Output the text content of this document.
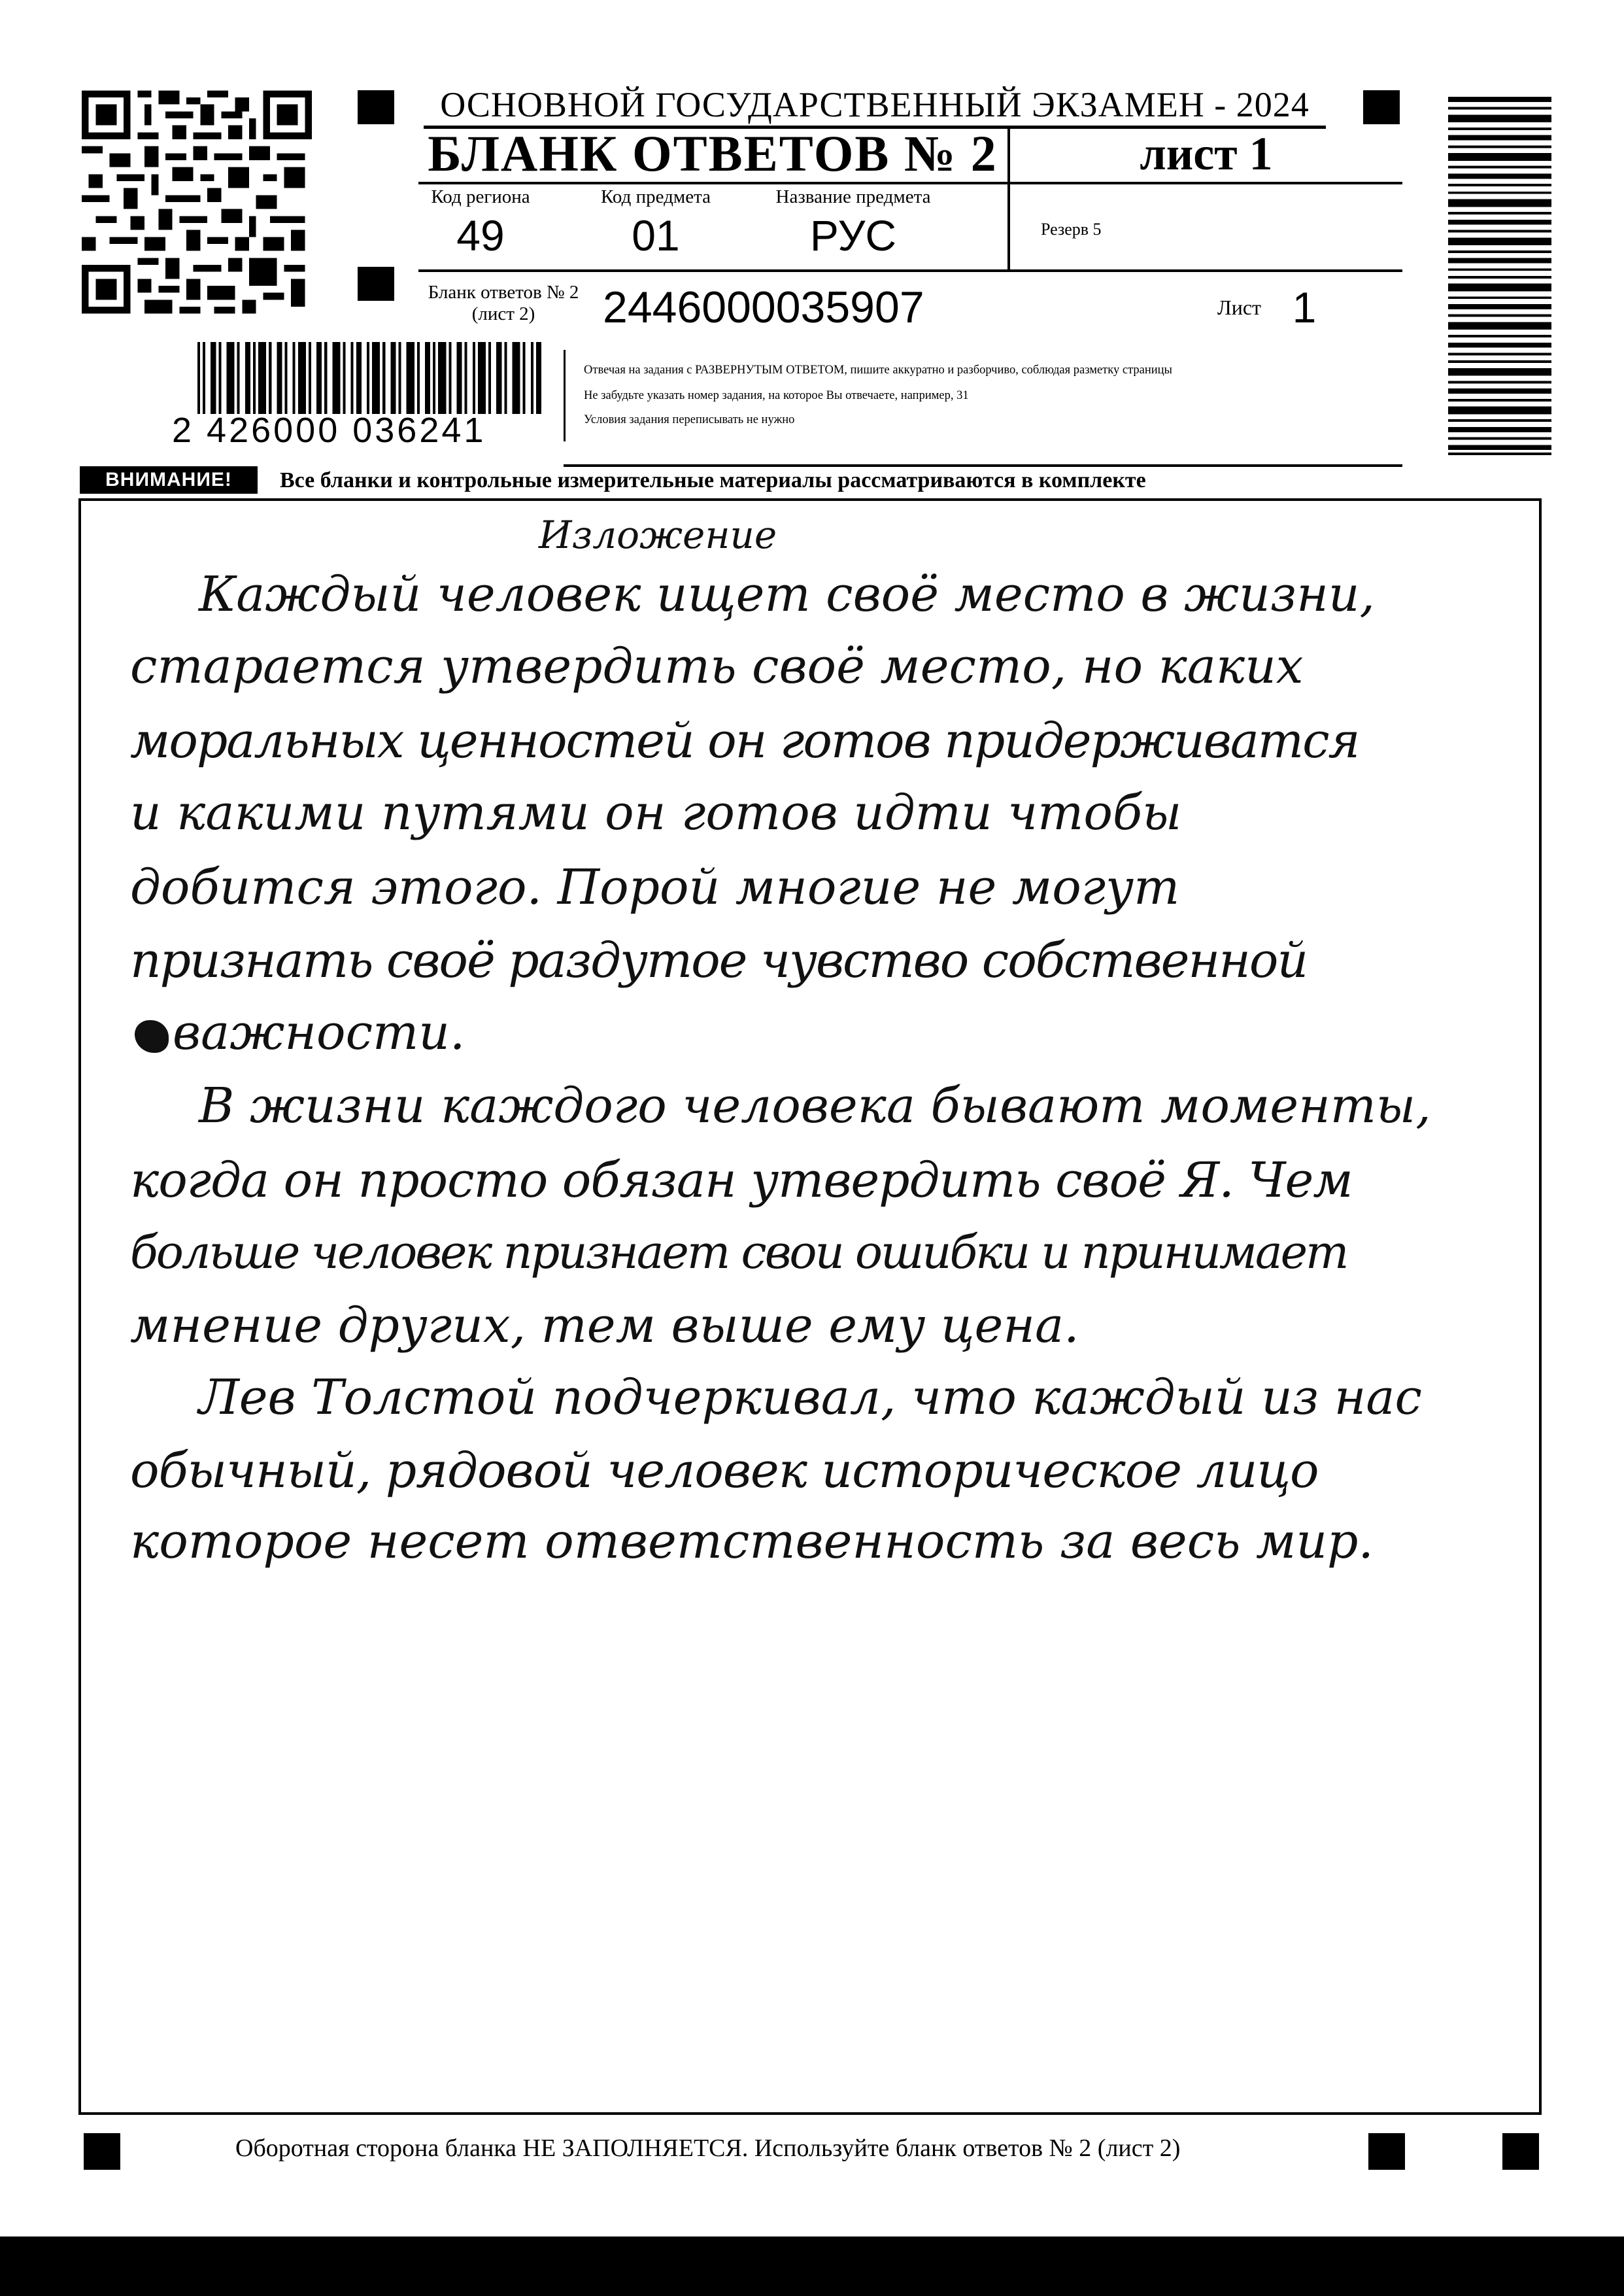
ОСНОВНОЙ ГОСУДАРСТВЕННЫЙ ЭКЗАМЕН - 2024
БЛАНК ОТВЕТОВ № 2	лист 1
Код региона
49
Код предмета
01
Название предмета
РУС	Резерв 5
Бланк ответов № 2
(лист 2)	2446000035907	Лист 1
Отвечая на задания с РАЗВЕРНУТЫМ ОТВЕТОМ, пишите аккуратно и разборчиво, соблюдая разметку страницы
Не забудьте указать номер задания, на которое Вы отвечаете, например, 31
Условия задания переписывать не нужно
2 426000 036241
ВНИМАНИЕ!	Все бланки и контрольные измерительные материалы рассматриваются в комплекте
Изложение
Каждый человек ищет своё место в жизни,
старается утвердить своё место, но каких
моральных ценностей он готов придерживатся
и какими путями он готов идти чтобы
добится этого. Порой многие не могут
признать своё раздутое чувство собственной
важности.
В жизни каждого человека бывают моменты,
когда он просто обязан утвердить своё Я. Чем
больше человек признает свои ошибки и принимает
мнение других, тем выше ему цена.
Лев Толстой подчеркивал, что каждый из нас
обычный, рядовой человек историческое лицо
которое несет ответственность за весь мир.
Оборотная сторона бланка НЕ ЗАПОЛНЯЕТСЯ. Используйте бланк ответов № 2 (лист 2)
